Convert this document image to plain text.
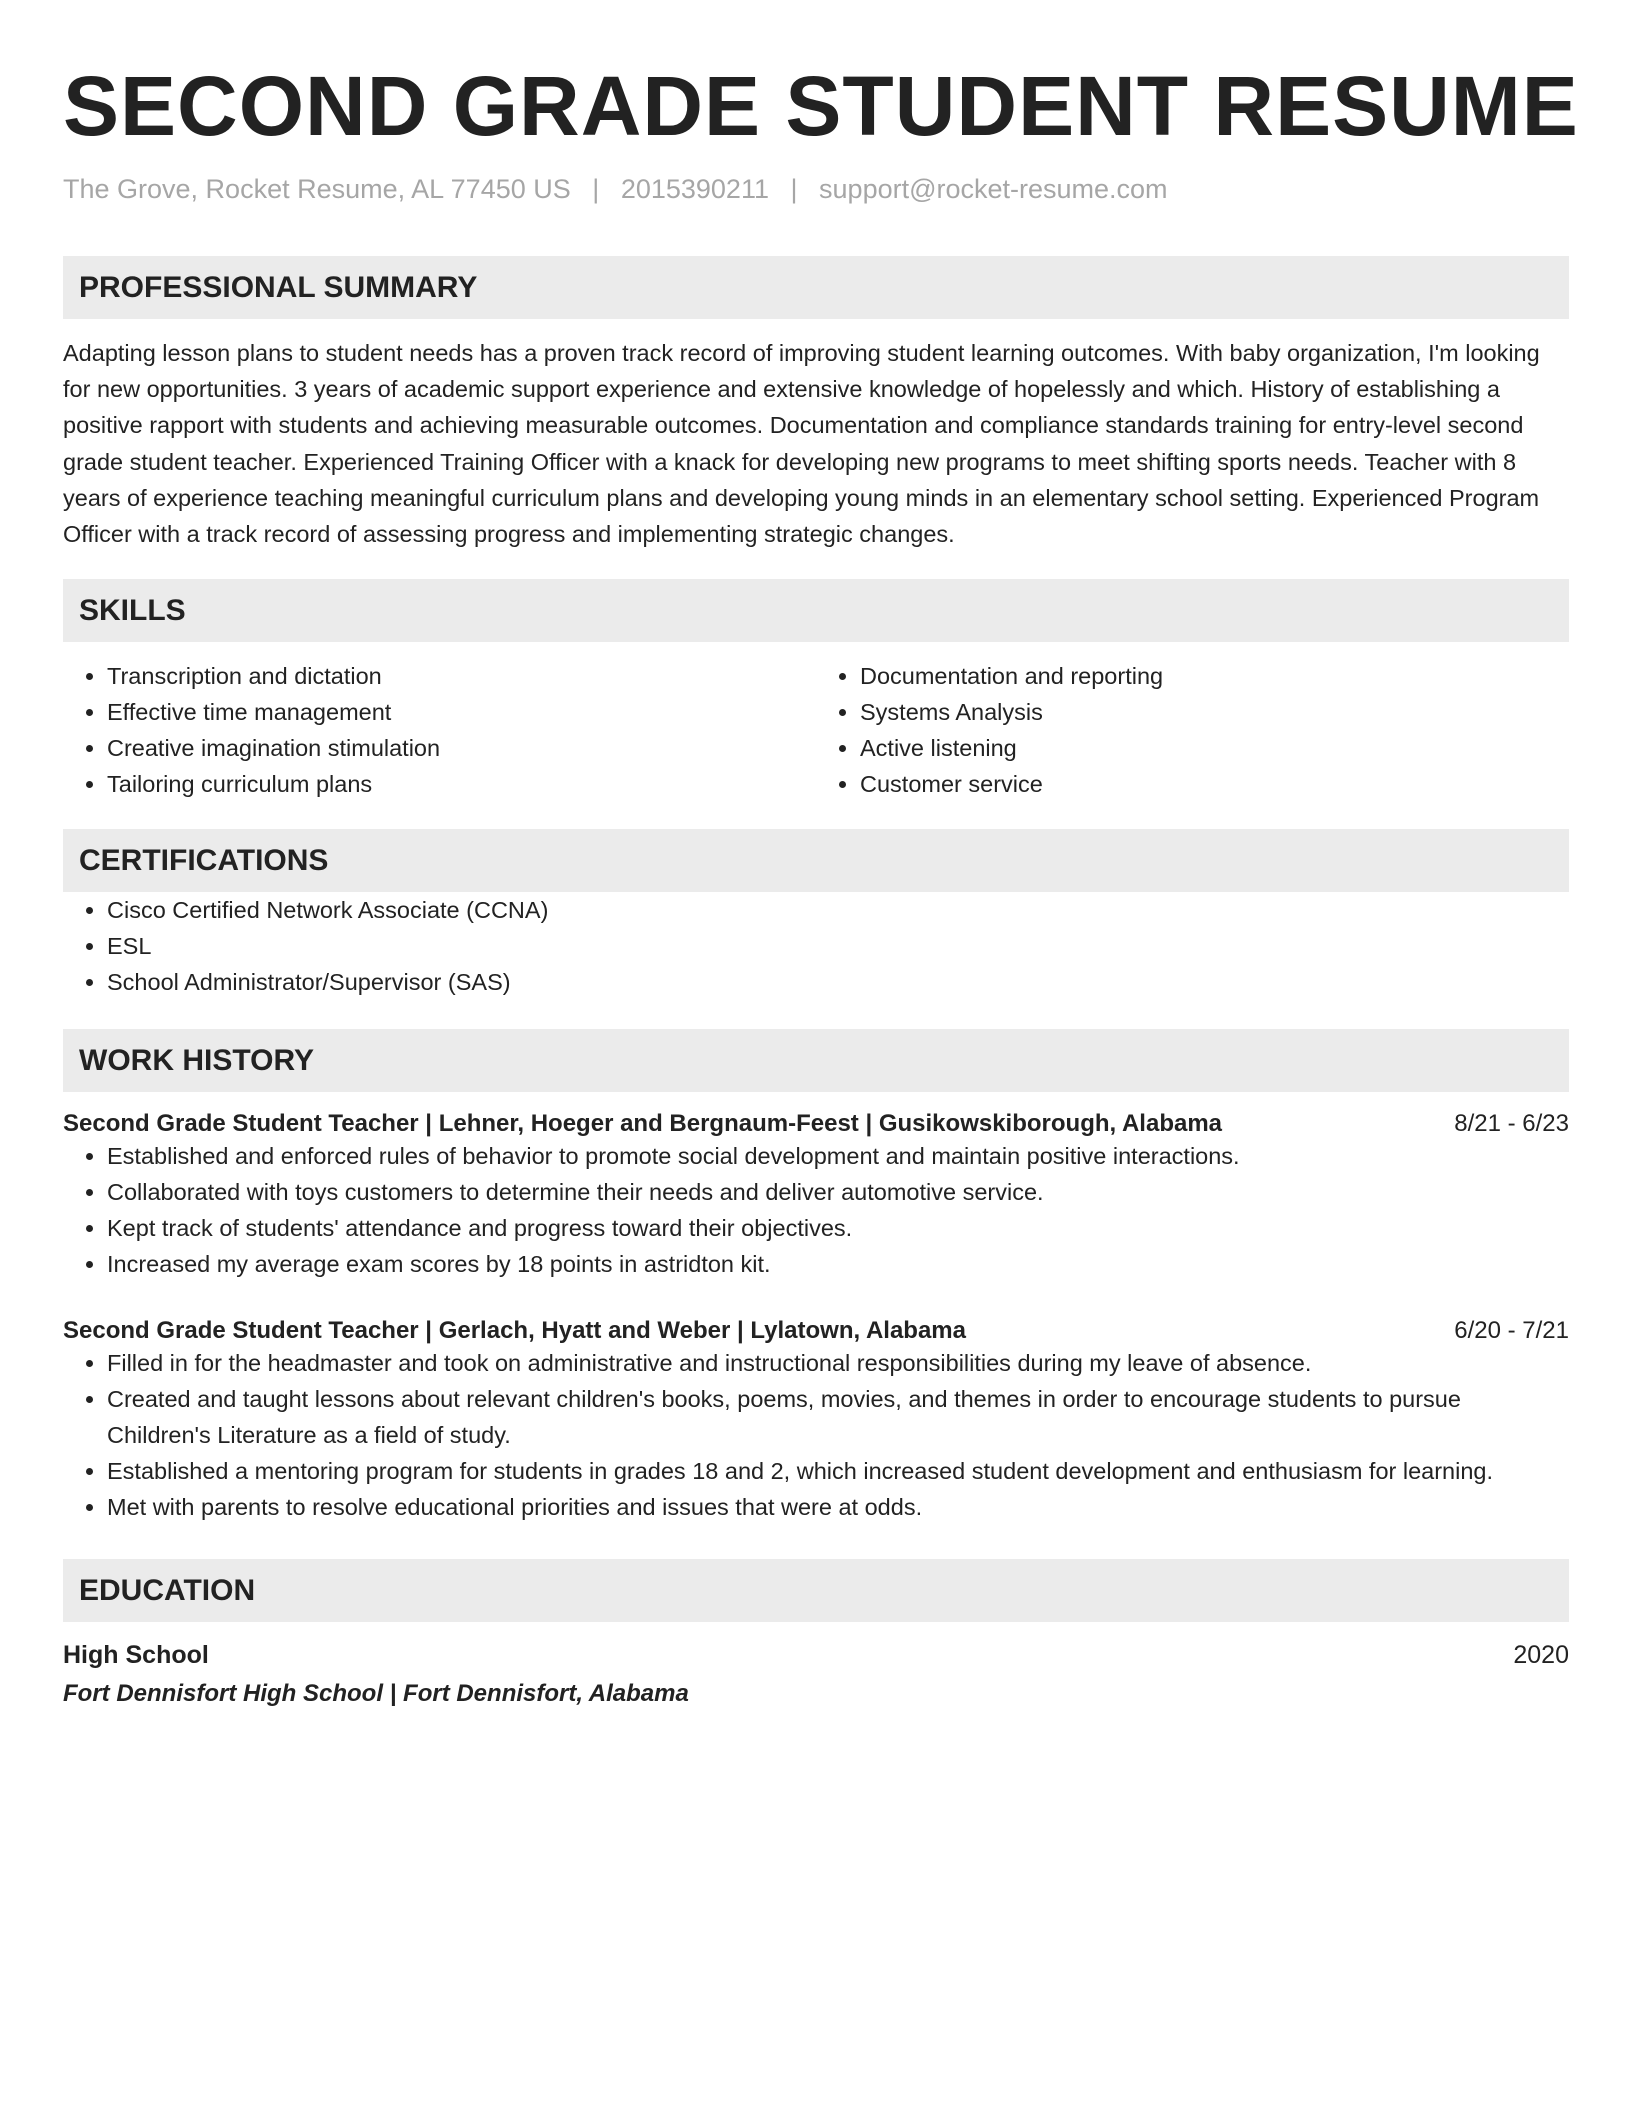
SECOND GRADE STUDENT RESUME
The Grove, Rocket Resume, AL 77450 US | 2015390211 | support@rocket-resume.com
PROFESSIONAL SUMMARY

Adapting lesson plans to student needs has a proven track record of improving student learning outcomes. With baby organization, I'm looking for new opportunities. 3 years of academic support experience and extensive knowledge of hopelessly and which. History of establishing a positive rapport with students and achieving measurable outcomes. Documentation and compliance standards training for entry-level second grade student teacher. Experienced Training Officer with a knack for developing new programs to meet shifting sports needs. Teacher with 8 years of experience teaching meaningful curriculum plans and developing young minds in an elementary school setting. Experienced Program Officer with a track record of assessing progress and implementing strategic changes.

SKILLS
• Transcription and dictation
• Effective time management
• Creative imagination stimulation
• Tailoring curriculum plans
• Documentation and reporting
• Systems Analysis
• Active listening
• Customer service
CERTIFICATIONS
• Cisco Certified Network Associate (CCNA)
• ESL
• School Administrator/Supervisor (SAS)
WORK HISTORY
Second Grade Student Teacher | Lehner, Hoeger and Bergnaum-Feest | Gusikowskiborough, Alabama	8/21 - 6/23
• Established and enforced rules of behavior to promote social development and maintain positive interactions.
• Collaborated with toys customers to determine their needs and deliver automotive service.
• Kept track of students' attendance and progress toward their objectives.
• Increased my average exam scores by 18 points in astridton kit.
Second Grade Student Teacher | Gerlach, Hyatt and Weber | Lylatown, Alabama	6/20 - 7/21
• Filled in for the headmaster and took on administrative and instructional responsibilities during my leave of absence.
• Created and taught lessons about relevant children's books, poems, movies, and themes in order to encourage students to pursue Children's Literature as a field of study.
• Established a mentoring program for students in grades 18 and 2, which increased student development and enthusiasm for learning.
• Met with parents to resolve educational priorities and issues that were at odds.
EDUCATION
High School	2020
Fort Dennisfort High School | Fort Dennisfort, Alabama
